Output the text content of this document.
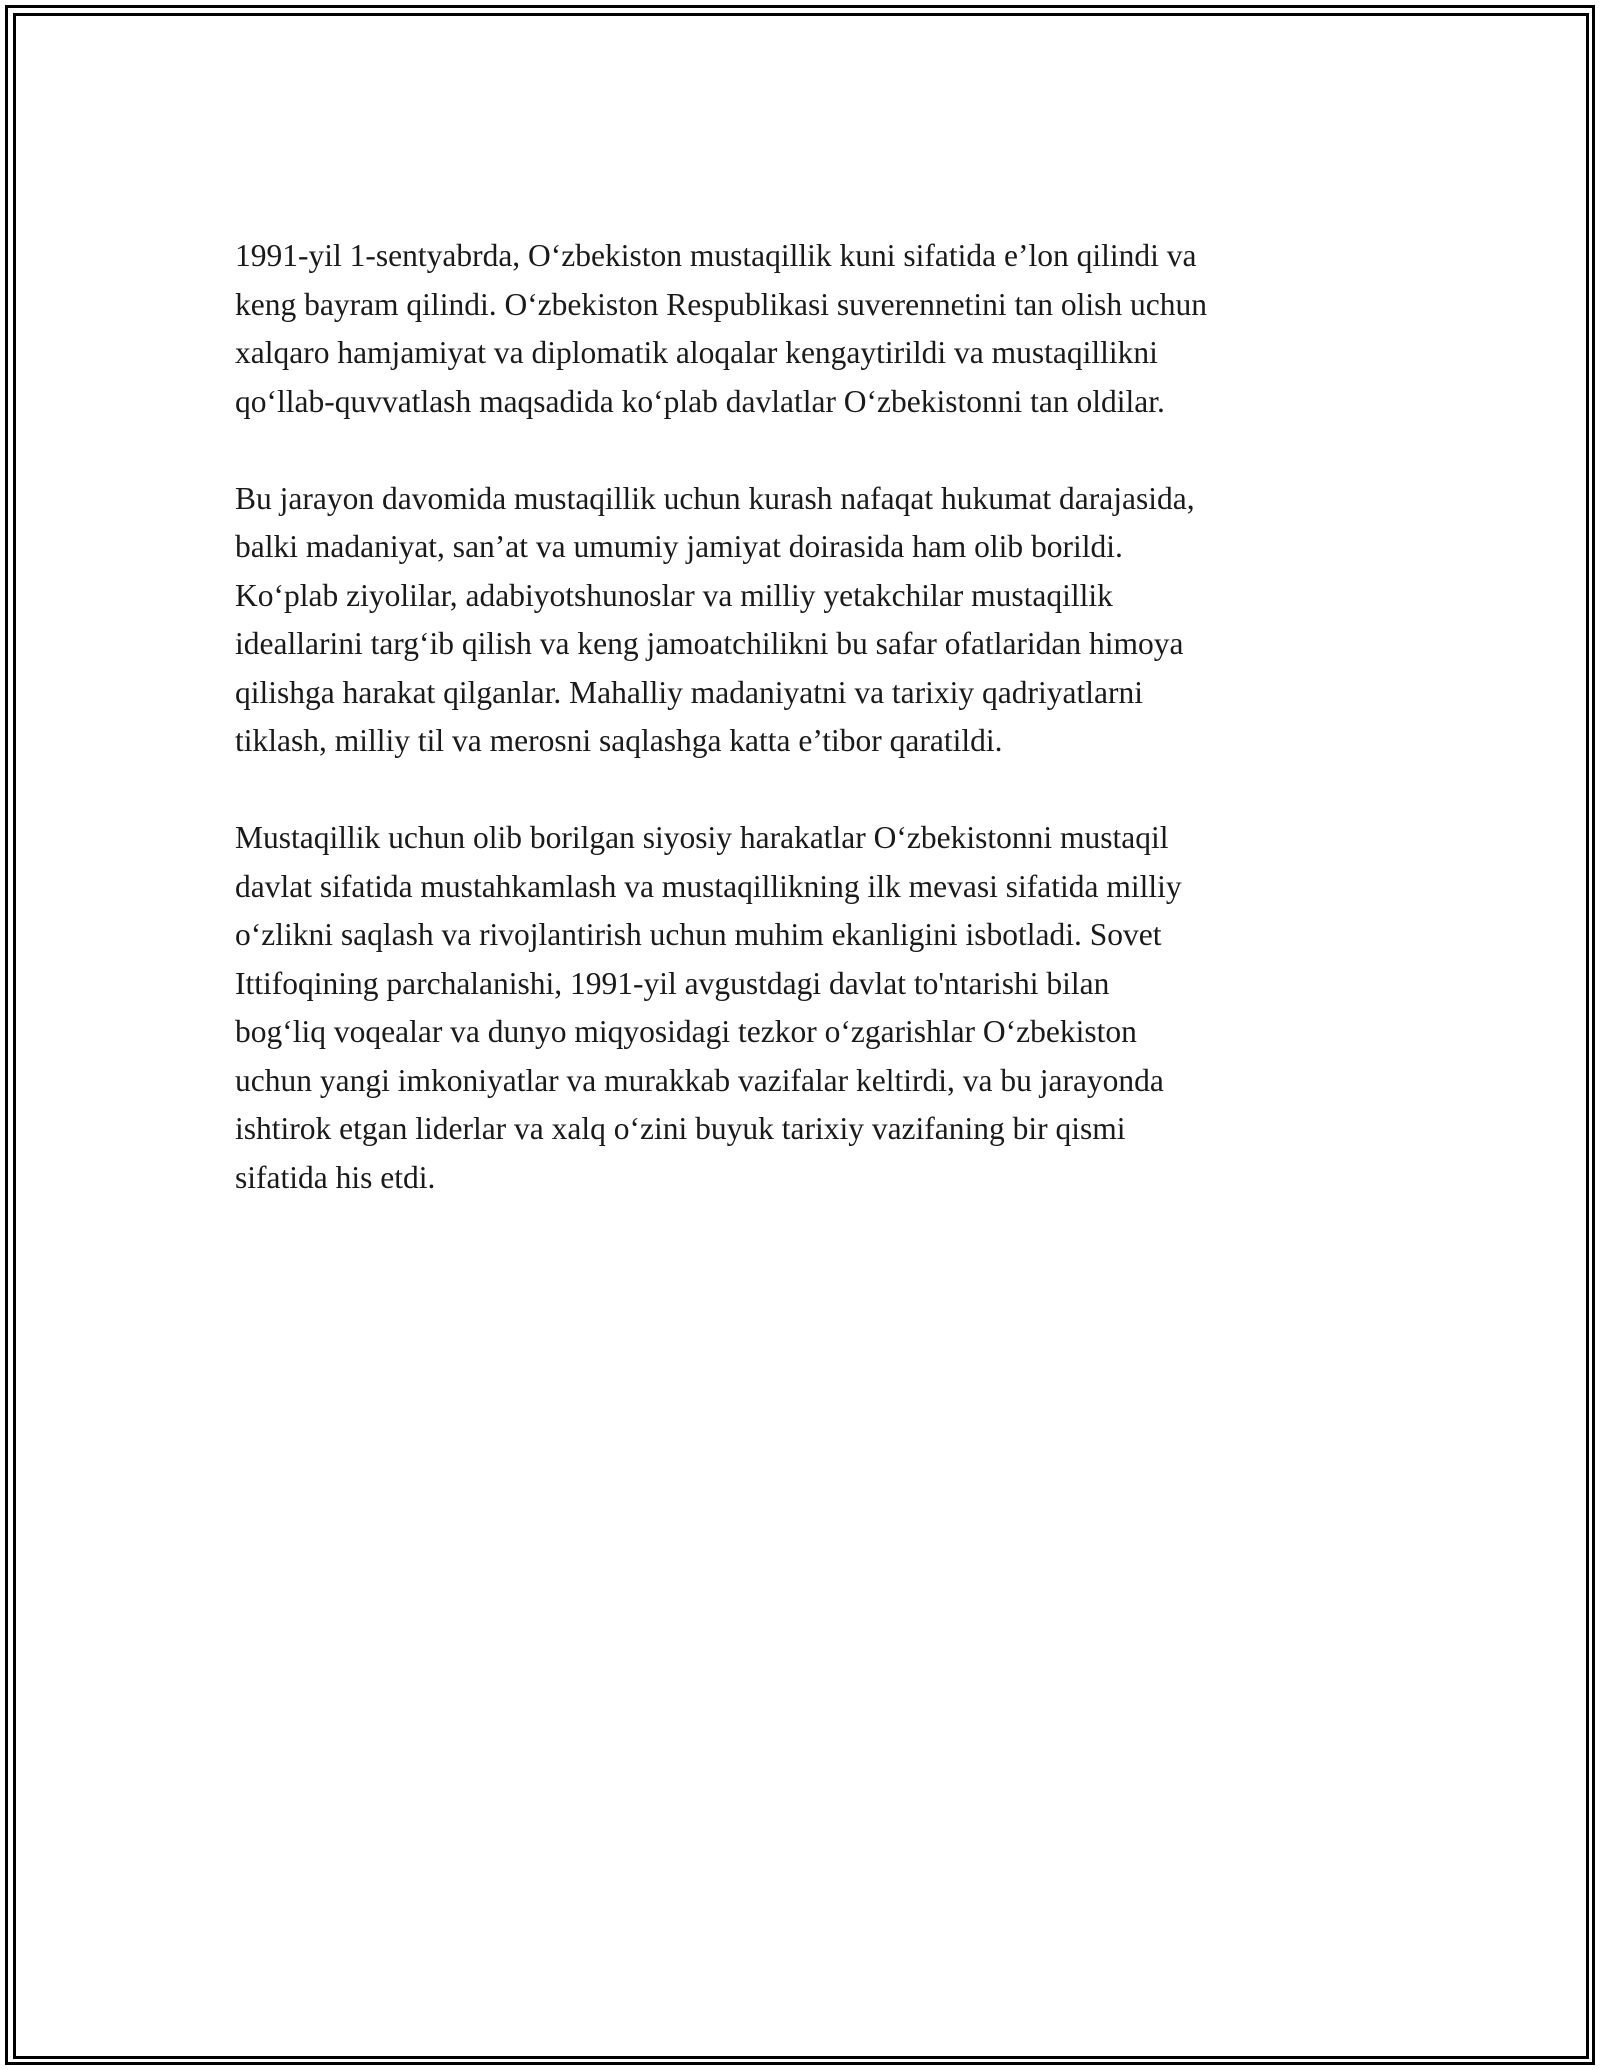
1991-yil 1-sentyabrda, O‘zbekiston mustaqillik kuni sifatida e’lon qilindi va
keng bayram qilindi. O‘zbekiston Respublikasi suverennetini tan olish uchun
xalqaro hamjamiyat va diplomatik aloqalar kengaytirildi va mustaqillikni
qo‘llab-quvvatlash maqsadida ko‘plab davlatlar O‘zbekistonni tan oldilar.
Bu jarayon davomida mustaqillik uchun kurash nafaqat hukumat darajasida,
balki madaniyat, san’at va umumiy jamiyat doirasida ham olib borildi.
Ko‘plab ziyolilar, adabiyotshunoslar va milliy yetakchilar mustaqillik
ideallarini targ‘ib qilish va keng jamoatchilikni bu safar ofatlaridan himoya
qilishga harakat qilganlar. Mahalliy madaniyatni va tarixiy qadriyatlarni
tiklash, milliy til va merosni saqlashga katta e’tibor qaratildi.
Mustaqillik uchun olib borilgan siyosiy harakatlar O‘zbekistonni mustaqil
davlat sifatida mustahkamlash va mustaqillikning ilk mevasi sifatida milliy
o‘zlikni saqlash va rivojlantirish uchun muhim ekanligini isbotladi. Sovet
Ittifoqining parchalanishi, 1991-yil avgustdagi davlat to'ntarishi bilan
bog‘liq voqealar va dunyo miqyosidagi tezkor o‘zgarishlar O‘zbekiston
uchun yangi imkoniyatlar va murakkab vazifalar keltirdi, va bu jarayonda
ishtirok etgan liderlar va xalq o‘zini buyuk tarixiy vazifaning bir qismi
sifatida his etdi.
